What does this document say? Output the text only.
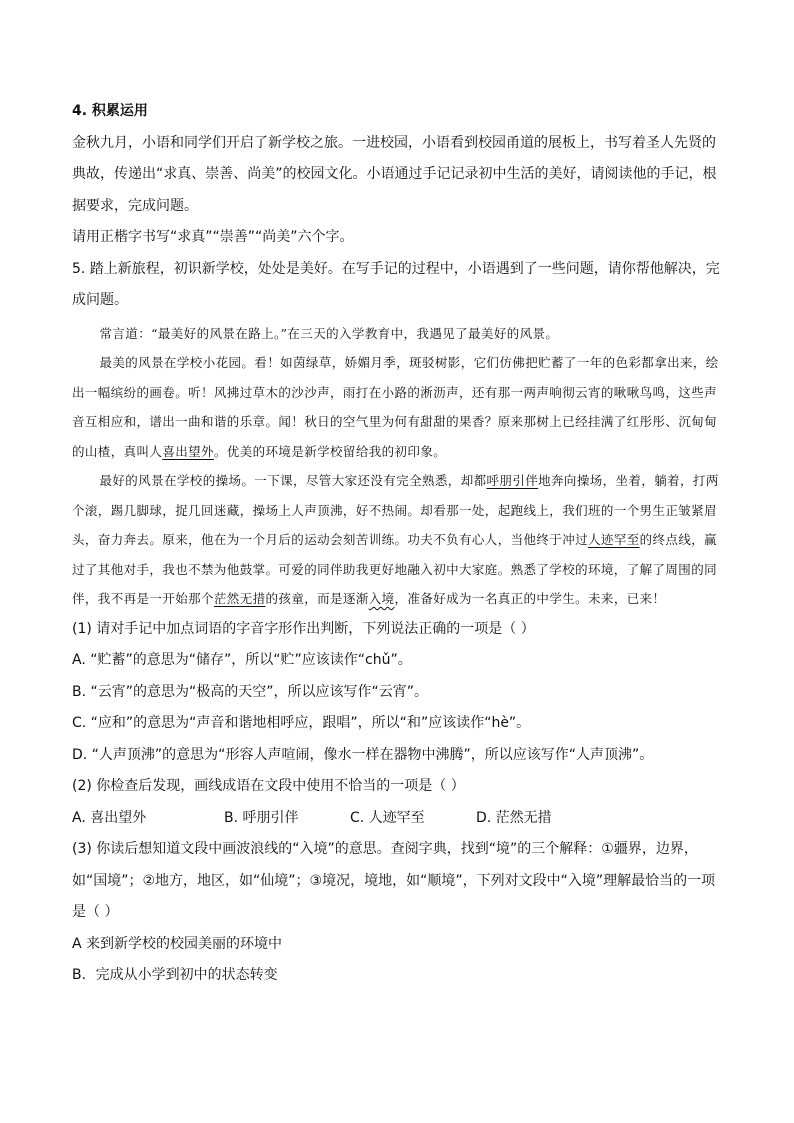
4. 积累运用

金秋九月，小语和同学们开启了新学校之旅。一进校园，小语看到校园甬道的展板上，书写着圣人先贤的典故，传递出“求真、崇善、尚美”的校园文化。小语通过手记记录初中生活的美好，请阅读他的手记，根据要求，完成问题。

请用正楷字书写“求真”“崇善”“尚美”六个字。

5. 踏上新旅程，初识新学校，处处是美好。在写手记的过程中，小语遇到了一些问题，请你帮他解决，完成问题。

常言道：“最美好的风景在路上。”在三天的入学教育中，我遇见了最美好的风景。

最美的风景在学校小花园。看！如茵绿草，娇媚月季，斑驳树影，它们仿佛把贮蓄了一年的色彩都拿出来，绘出一幅缤纷的画卷。听！风拂过草木的沙沙声，雨打在小路的淅沥声，还有那一两声响彻云宵的啾啾鸟鸣，这些声音互相应和，谱出一曲和谐的乐章。闻！秋日的空气里为何有甜甜的果香？原来那树上已经挂满了红彤彤、沉甸甸的山楂，真叫人喜出望外。优美的环境是新学校留给我的初印象。

最好的风景在学校的操场。一下课，尽管大家还没有完全熟悉，却都呼朋引伴地奔向操场，坐着，躺着，打两个滚，踢几脚球，捉几回迷藏，操场上人声顶沸，好不热闹。却看那一处，起跑线上，我们班的一个男生正皱紧眉头，奋力奔去。原来，他在为一个月后的运动会刻苦训练。功夫不负有心人，当他终于冲过人迹罕至的终点线，赢过了其他对手，我也不禁为他鼓掌。可爱的同伴助我更好地融入初中大家庭。熟悉了学校的环境，了解了周围的同伴，我不再是一开始那个茫然无措的孩童，而是逐渐入境，准备好成为一名真正的中学生。未来，已来！

(1) 请对手记中加点词语的字音字形作出判断，下列说法正确的一项是（ ）

A. “贮蓄”的意思为“储存”，所以“贮”应该读作“chǔ”。

B. “云宵”的意思为“极高的天空”，所以应该写作“云宵”。

C. “应和”的意思为“声音和谐地相呼应，跟唱”，所以“和”应该读作“hè”。

D. “人声顶沸”的意思为“形容人声喧闹，像水一样在器物中沸腾”，所以应该写作“人声顶沸”。

(2) 你检查后发现，画线成语在文段中使用不恰当的一项是（ ）

A. 喜出望外	B. 呼朋引伴	C. 人迹罕至	D. 茫然无措

(3) 你读后想知道文段中画波浪线的“入境”的意思。查阅字典，找到“境”的三个解释：①疆界，边界，如“国境”；②地方，地区，如“仙境”；③境况，境地，如“顺境”，下列对文段中“入境”理解最恰当的一项是（ ）

A 来到新学校的校园美丽的环境中

B．完成从小学到初中的状态转变
